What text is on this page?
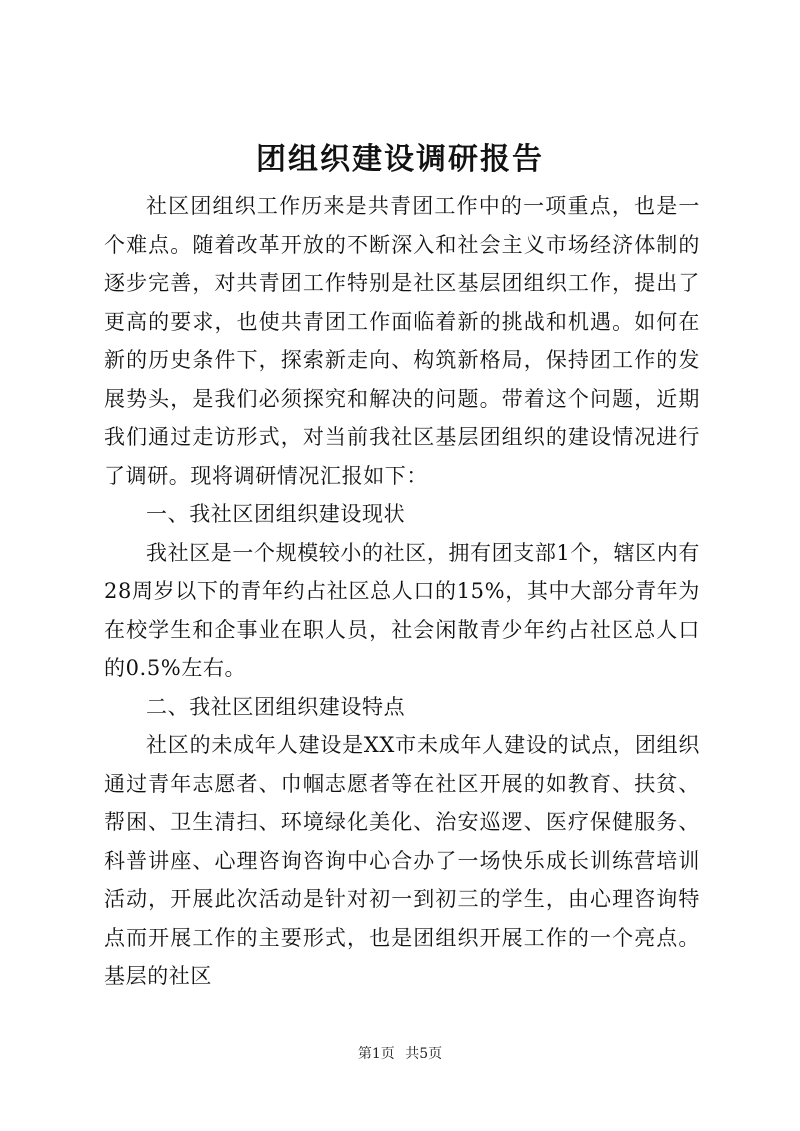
团组织建设调研报告

社区团组织工作历来是共青团工作中的一项重点，也是一个难点。随着改革开放的不断深入和社会主义市场经济体制的逐步完善，对共青团工作特别是社区基层团组织工作，提出了更高的要求，也使共青团工作面临着新的挑战和机遇。如何在新的历史条件下，探索新走向、构筑新格局，保持团工作的发展势头，是我们必须探究和解决的问题。带着这个问题，近期我们通过走访形式，对当前我社区基层团组织的建设情况进行了调研。现将调研情况汇报如下：

一、我社区团组织建设现状

我社区是一个规模较小的社区，拥有团支部1个，辖区内有28周岁以下的青年约占社区总人口的15%，其中大部分青年为在校学生和企事业在职人员，社会闲散青少年约占社区总人口的0.5%左右。

二、我社区团组织建设特点

社区的未成年人建设是XX市未成年人建设的试点，团组织通过青年志愿者、巾帼志愿者等在社区开展的如教育、扶贫、帮困、卫生清扫、环境绿化美化、治安巡逻、医疗保健服务、科普讲座、心理咨询咨询中心合办了一场快乐成长训练营培训活动，开展此次活动是针对初一到初三的学生，由心理咨询特点而开展工作的主要形式，也是团组织开展工作的一个亮点。基层的社区

第1页 共5页
